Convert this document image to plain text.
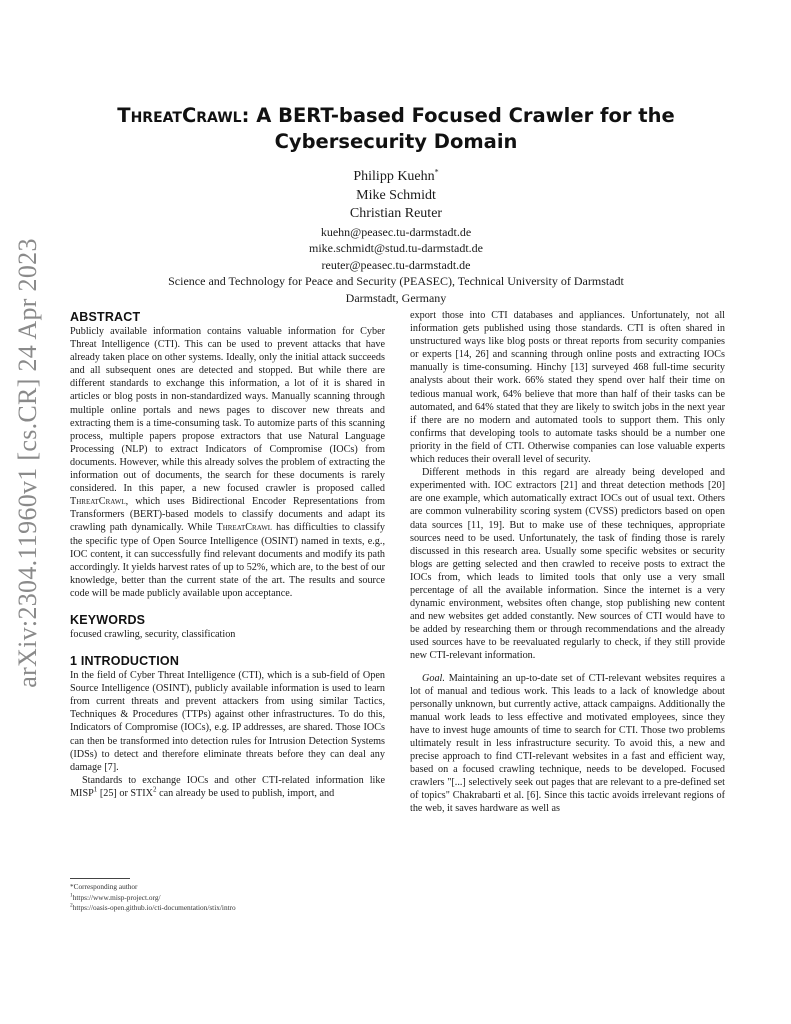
arXiv:2304.11960v1 [cs.CR] 24 Apr 2023
ThreatCrawl: A BERT-based Focused Crawler for the
Cybersecurity Domain
Philipp Kuehn*
Mike Schmidt
Christian Reuter
kuehn@peasec.tu-darmstadt.de
mike.schmidt@stud.tu-darmstadt.de
reuter@peasec.tu-darmstadt.de
Science and Technology for Peace and Security (PEASEC), Technical University of Darmstadt
Darmstadt, Germany
ABSTRACT

Publicly available information contains valuable information for Cyber Threat Intelligence (CTI). This can be used to prevent attacks that have already taken place on other systems. Ideally, only the initial attack succeeds and all subsequent ones are detected and stopped. But while there are different standards to exchange this information, a lot of it is shared in articles or blog posts in non-standardized ways. Manually scanning through multiple online portals and news pages to discover new threats and extracting them is a time-consuming task. To automize parts of this scanning process, multiple papers propose extractors that use Natural Language Processing (NLP) to extract Indicators of Compromise (IOCs) from documents. However, while this already solves the problem of extracting the information out of documents, the search for these documents is rarely considered. In this paper, a new focused crawler is proposed called ThreatCrawl, which uses Bidirectional Encoder Representations from Transformers (BERT)-based models to classify documents and adapt its crawling path dynamically. While ThreatCrawl has difficulties to classify the specific type of Open Source Intelligence (OSINT) named in texts, e.g., IOC content, it can successfully find relevant documents and modify its path accordingly. It yields harvest rates of up to 52%, which are, to the best of our knowledge, better than the current state of the art. The results and source code will be made publicly available upon acceptance.

KEYWORDS

focused crawling, security, classification

1 INTRODUCTION

In the field of Cyber Threat Intelligence (CTI), which is a sub-field of Open Source Intelligence (OSINT), publicly available information is used to learn from current threats and prevent attackers from using similar Tactics, Techniques & Procedures (TTPs) against other infrastructures. To do this, Indicators of Compromise (IOCs), e.g. IP addresses, are shared. Those IOCs can then be transformed into detection rules for Intrusion Detection Systems (IDSs) to detect and therefore eliminate threats before they can deal any damage [7].

Standards to exchange IOCs and other CTI-related information like MISP$^1$ [25] or STIX$^2$ can already be used to publish, import, and

*Corresponding author
$^1$https://www.misp-project.org/
$^2$https://oasis-open.github.io/cti-documentation/stix/intro

export those into CTI databases and appliances. Unfortunately, not all information gets published using those standards. CTI is often shared in unstructured ways like blog posts or threat reports from security companies or experts [14, 26] and scanning through online posts and extracting IOCs manually is time-consuming. Hinchy [13] surveyed 468 full-time security analysts about their work. 66% stated they spend over half their time on tedious manual work, 64% believe that more than half of their tasks can be automated, and 64% stated that they are likely to switch jobs in the next year if there are no modern and automated tools to support them. This only confirms that developing tools to automate tasks should be a number one priority in the field of CTI. Otherwise companies can lose valuable experts which reduces their overall level of security.

Different methods in this regard are already being developed and experimented with. IOC extractors [21] and threat detection methods [20] are one example, which automatically extract IOCs out of usual text. Others are common vulnerability scoring system (CVSS) predictors based on open data sources [11, 19]. But to make use of these techniques, appropriate sources need to be used. Unfortunately, the task of finding those is rarely discussed in this research area. Usually some specific websites or security blogs are getting selected and then crawled to receive posts to extract the IOCs from, which leads to limited tools that only use a very small percentage of all the available information. Since the internet is a very dynamic environment, websites often change, stop publishing new content and new websites get added constantly. New sources of CTI would have to be added by researching them or through recommendations and the already used sources have to be reevaluated regularly to check, if they still provide new CTI-relevant information.

Goal. Maintaining an up-to-date set of CTI-relevant websites requires a lot of manual and tedious work. This leads to a lack of knowledge about personally unknown, but currently active, attack campaigns. Additionally the manual work leads to less effective and motivated employees, since they have to invest huge amounts of time to search for CTI. Those two problems ultimately result in less infrastructure security. To avoid this, a new and precise approach to find CTI-relevant websites in a fast and efficient way, based on a focused crawling technique, needs to be developed. Focused crawlers "[...] selectively seek out pages that are relevant to a pre-defined set of topics" Chakrabarti et al. [6]. Since this tactic avoids irrelevant regions of the web, it saves hardware as well as
